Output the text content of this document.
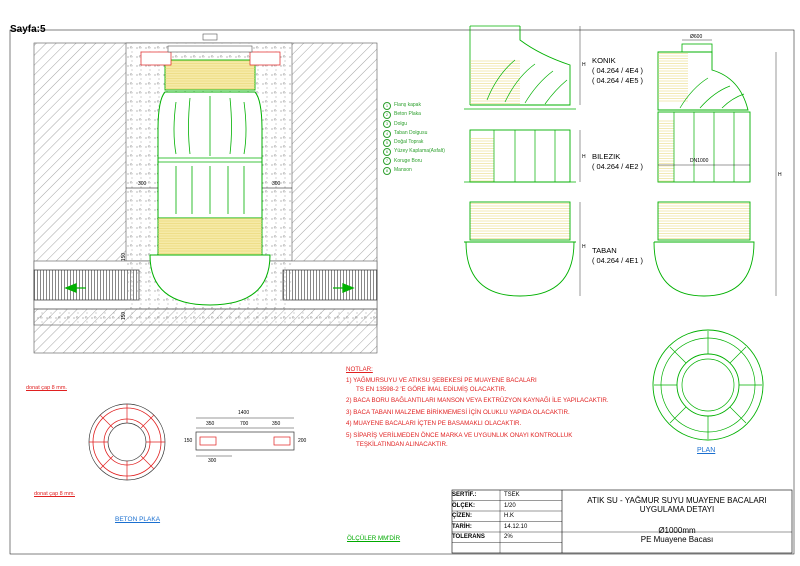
Sayfa:5
1	Flanş kapak
2	Beton Plaka
3	Dolgu
4	Taban Dolgusu
5	Doğal Toprak
6	Yüzey Kaplama(Asfalt)
7	Koruge Boru
8	Manson
300	300
150
150
KONIK
( 04.264 / 4E4 )
( 04.264 / 4E5 )
BILEZIK
( 04.264 / 4E2 )
TABAN
( 04.264 / 4E1 )
H
H
H
H
Ø600
DN1000
PLAN
donat çap 8 mm.
donat çap 8 mm.
BETON PLAKA
1400
350	700	350
300
150	200
NOTLAR:
1) YAĞMURSUYU VE ATIKSU ŞEBEKESİ PE MUAYENE BACALARI
TS EN 13598-2 'E GÖRE İMAL EDİLMİŞ OLACAKTIR.
2) BACA BORU BAĞLANTILARI MANSON VEYA EKTRÜZYON KAYNAĞI İLE YAPILACAKTIR.
3) BACA TABANI MALZEME BİRİKMEMESİ İÇİN OLUKLU YAPIDA OLACAKTIR.
4) MUAYENE BACALARI İÇTEN PE BASAMAKLI OLACAKTIR.
5) SİPARİŞ VERİLMEDEN ÖNCE MARKA VE UYGUNLUK ONAYI KONTROLLUK
TEŞKİLATINDAN ALINACAKTIR.
ÖLÇÜLER MM'DİR
SERTİF.:	TSEK
ÖLÇEK:	1/20
ÇİZEN:	H.K
TARİH:	14.12.10
TOLERANS	2%
ATIK SU - YAĞMUR SUYU MUAYENE BACALARI
UYGULAMA DETAYI
Ø1000mm
PE Muayene Bacası
